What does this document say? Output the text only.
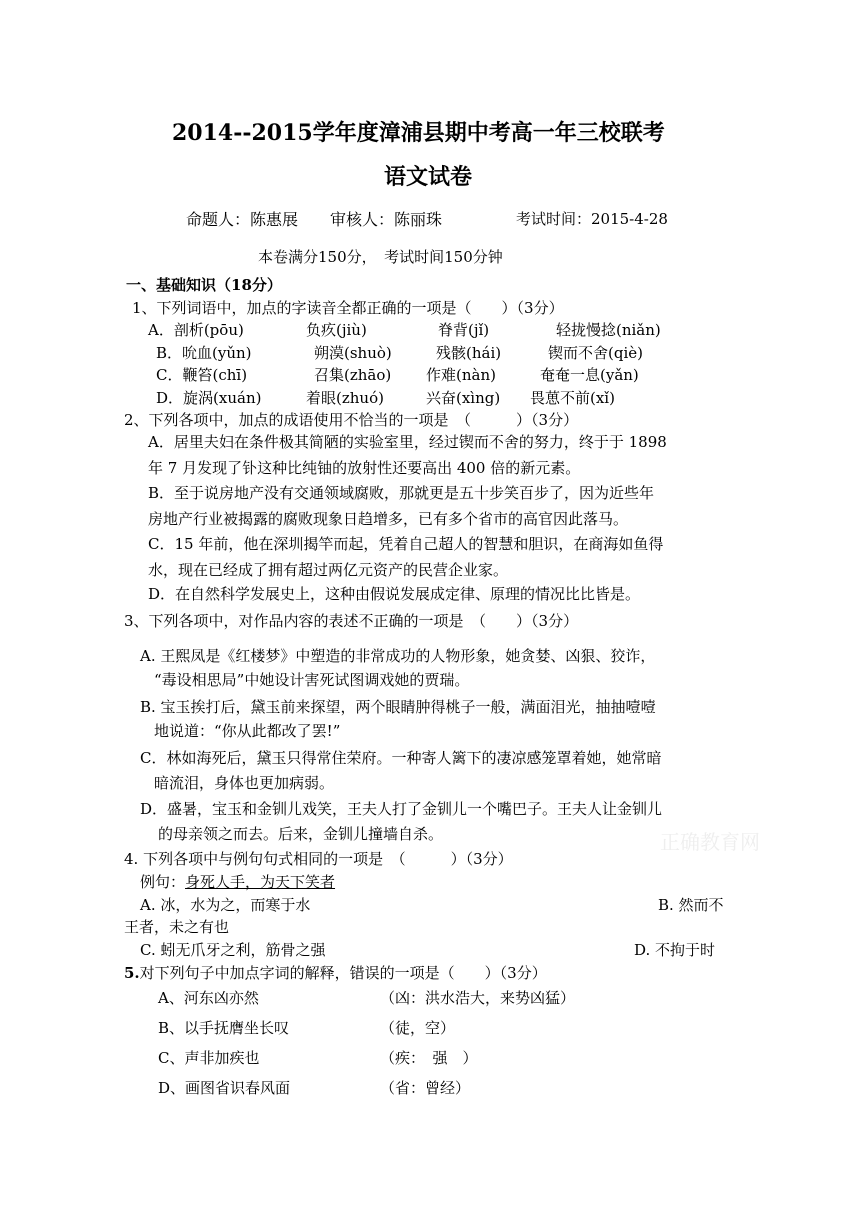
2014--2015学年度漳浦县期中考高一年三校联考
语文试卷
命题人：陈惠展　　审核人：陈丽珠	考试时间：2015-4-28
本卷满分150分，　考试时间150分钟
一、基础知识（18分）
1、下列词语中，加点的字读音全都正确的一项是（　　）（3分）
A．剖析(pōu)	负疚(jiù)	脊背(jǐ)	轻拢慢捻(niǎn)
B．吮血(yǔn)	朔漠(shuò)	残骸(hái)	锲而不舍(qiè)
C．鞭笞(chī)	召集(zhāo) 作难(nàn)	奄奄一息(yǎn)
D．旋涡(xuán)	着眼(zhuó)	兴奋(xìng) 畏葸不前(xǐ)
2、下列各项中，加点的成语使用不恰当的一项是　（　　　）（3分）
A．居里夫妇在条件极其简陋的实验室里，经过锲而不舍的努力，终于于 1898
年 7 月发现了钋这种比纯铀的放射性还要高出 400 倍的新元素。
B．至于说房地产没有交通领域腐败，那就更是五十步笑百步了，因为近些年
房地产行业被揭露的腐败现象日趋增多，已有多个省市的高官因此落马。
C．15 年前，他在深圳揭竿而起，凭着自己超人的智慧和胆识，在商海如鱼得
水，现在已经成了拥有超过两亿元资产的民营企业家。
D．在自然科学发展史上，这种由假说发展成定律、原理的情况比比皆是。
3、下列各项中，对作品内容的表述不正确的一项是　（　　）（3分）
A. 王熙凤是《红楼梦》中塑造的非常成功的人物形象，她贪婪、凶狠、狡诈，
“毒设相思局”中她设计害死试图调戏她的贾瑞。
B. 宝玉挨打后，黛玉前来探望，两个眼睛肿得桃子一般，满面泪光，抽抽噎噎
地说道：“你从此都改了罢!”
C．林如海死后，黛玉只得常住荣府。一种寄人篱下的凄凉感笼罩着她，她常暗
暗流泪，身体也更加病弱。
D．盛暑，宝玉和金钏儿戏笑，王夫人打了金钏儿一个嘴巴子。王夫人让金钏儿
的母亲领之而去。后来，金钏儿撞墙自杀。	正确教育网
4. 下列各项中与例句句式相同的一项是　（　　　）（3分）
例句：身死人手，为天下笑者
A. 冰，水为之，而寒于水	B. 然而不
王者，未之有也
C. 蚓无爪牙之利，筋骨之强	D. 不拘于时
5.对下列句子中加点字词的解释，错误的一项是（　　）（3分）
A、河东凶亦然	（凶：洪水浩大，来势凶猛）
B、以手抚膺坐长叹	（徒，空）
C、声非加疾也	（疾：　强　）
D、画图省识春风面	（省：曾经）
